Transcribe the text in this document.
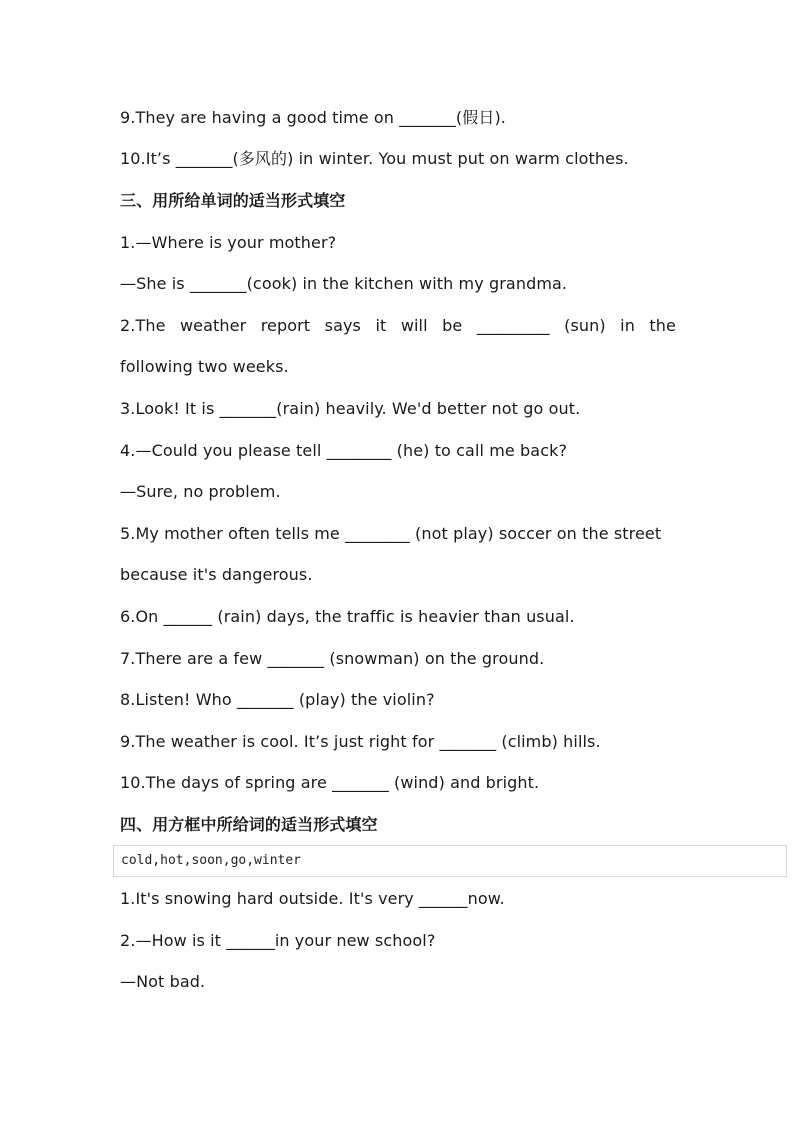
9.They are having a good time on _______(假日).
10.It’s _______(多风的) in winter. You must put on warm clothes.
三、用所给单词的适当形式填空
1.—Where is your mother?
—She is _______(cook) in the kitchen with my grandma.
2.The weather report says it will be _________ (sun) in the
following two weeks.
3.Look! It is _______(rain) heavily. We'd better not go out.
4.—Could you please tell ________ (he) to call me back?
—Sure, no problem.
5.My mother often tells me ________ (not play) soccer on the street
because it's dangerous.
6.On ______ (rain) days, the traffic is heavier than usual.
7.There are a few _______ (snowman) on the ground.
8.Listen! Who _______ (play) the violin?
9.The weather is cool. It’s just right for _______ (climb) hills.
10.The days of spring are _______ (wind) and bright.
四、用方框中所给词的适当形式填空
cold,hot,soon,go,winter
1.It's snowing hard outside. It's very ______now.
2.—How is it ______in your new school?
—Not bad.
